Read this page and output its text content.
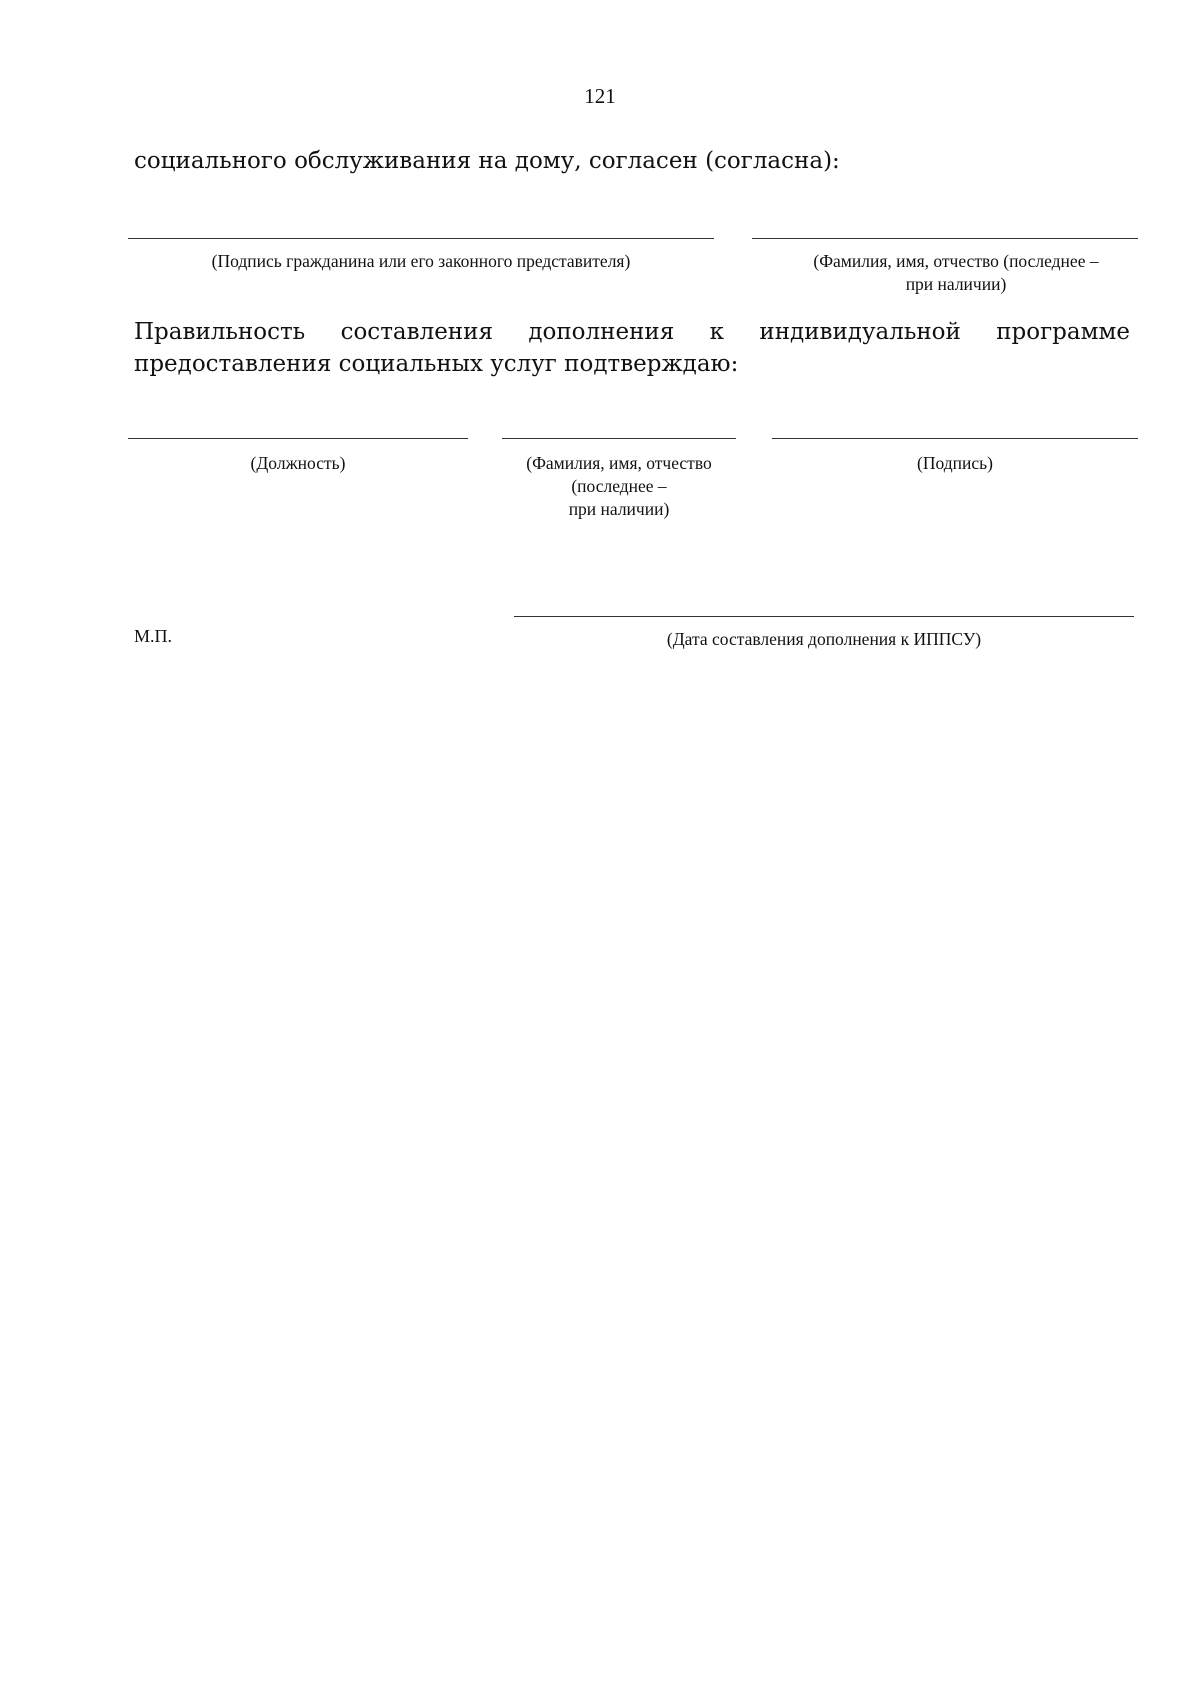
121
социального обслуживания на дому, согласен (согласна):
(Подпись гражданина или его законного представителя)	(Фамилия, имя, отчество (последнее –
при наличии)
Правильность составления дополнения к индивидуальной программе предоставления социальных услуг подтверждаю:
(Должность)	(Фамилия, имя, отчество
(последнее –
при наличии)
(Подпись)
М.П.	(Дата составления дополнения к ИППСУ)
